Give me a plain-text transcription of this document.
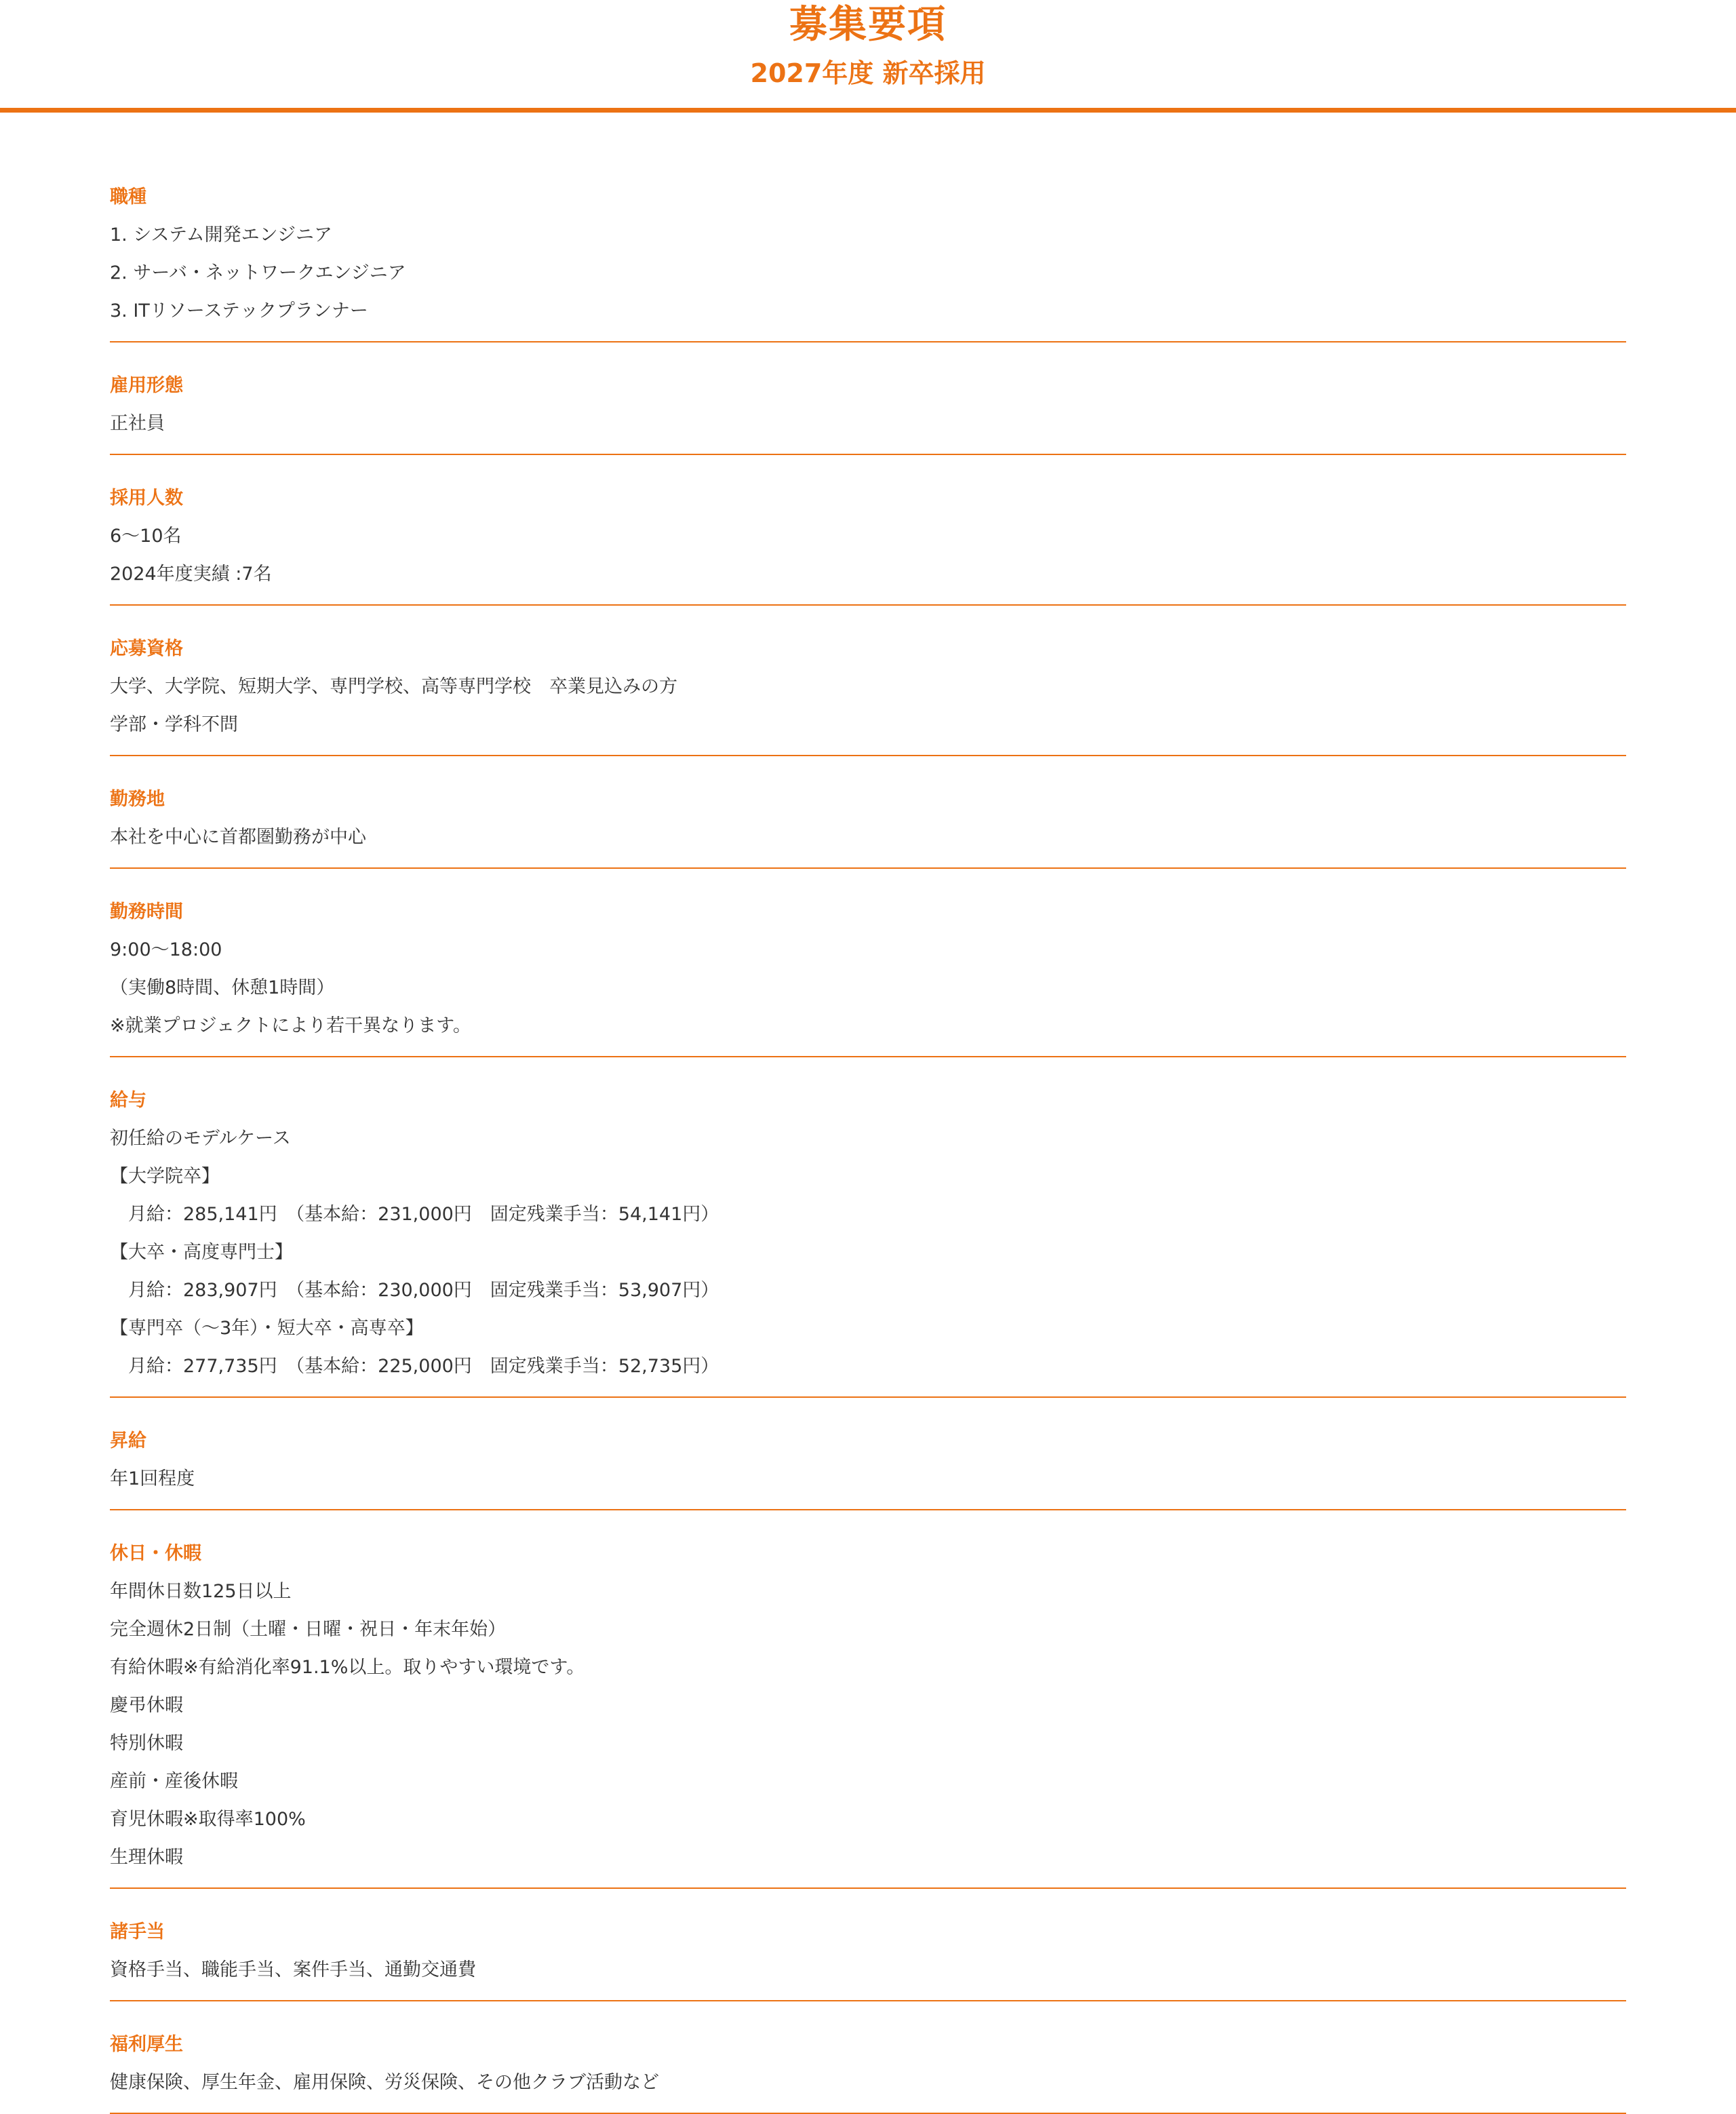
募集要項
2027年度 新卒採用
職種

1. システム開発エンジニア

2. サーバ・ネットワークエンジニア

3. ITリソーステックプランナー

雇用形態

正社員

採用人数

6〜10名

2024年度実績 :7名

応募資格

大学、大学院、短期大学、専門学校、高等専門学校　卒業見込みの方

学部・学科不問

勤務地

本社を中心に首都圏勤務が中心

勤務時間

9:00〜18:00

（実働8時間、休憩1時間）

※就業プロジェクトにより若干異なります。

給与

初任給のモデルケース

【大学院卒】

　月給：285,141円　（基本給：231,000円　固定残業手当：54,141円）

【大卒・高度専門士】

　月給：283,907円　（基本給：230,000円　固定残業手当：53,907円）

【専門卒（〜3年）・短大卒・高専卒】

　月給：277,735円　（基本給：225,000円　固定残業手当：52,735円）

昇給

年1回程度

休日・休暇

年間休日数125日以上

完全週休2日制（土曜・日曜・祝日・年末年始）

有給休暇※有給消化率91.1%以上。取りやすい環境です。

慶弔休暇

特別休暇

産前・産後休暇

育児休暇※取得率100%

生理休暇

諸手当

資格手当、職能手当、案件手当、通勤交通費

福利厚生

健康保険、厚生年金、雇用保険、労災保険、その他クラブ活動など
